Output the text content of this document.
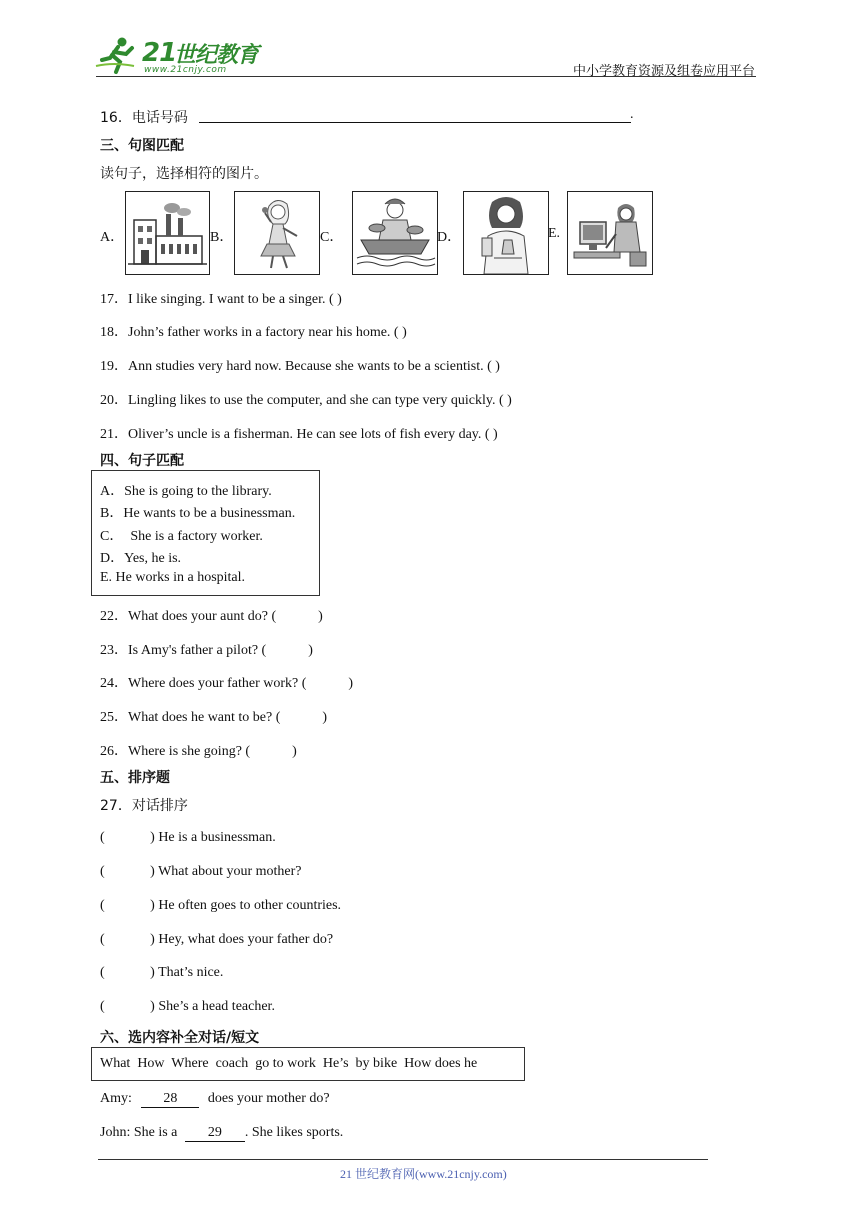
21
世纪教育
www.21cnjy.com	中小学教育资源及组卷应用平台
16．电话号码	.
三、句图匹配
读句子，选择相符的图片。
A．	B．	C．	D．	E.
17．I like singing. I want to be a singer. ( )
18．John’s father works in a factory near his home. ( )
19．Ann studies very hard now. Because she wants to be a scientist. ( )
20．Lingling likes to use the computer, and she can type very quickly. ( )
21．Oliver’s uncle is a fisherman. He can see lots of fish every day. ( )
四、句子匹配
A．She is going to the library.
B．He wants to be a businessman.
C．  She is a factory worker.
D．Yes, he is.
E. He works in a hospital.
22．What does your aunt do? (            )
23．Is Amy's father a pilot? (            )
24．Where does your father work? (            )
25．What does he want to be? (            )
26．Where is she going? (            )
五、排序题
27．对话排序
(             ) He is a businessman.
(             ) What about your mother?
(             ) He often goes to other countries.
(             ) Hey, what does your father do?
(             ) That’s nice.
(             ) She’s a head teacher.
六、选内容补全对话/短文
What  How  Where  coach  go to work  He’s  by bike  How does he
Amy: 28 does your mother do?
John: She is a 29 . She likes sports.
21 世纪教育网(www.21cnjy.com)
